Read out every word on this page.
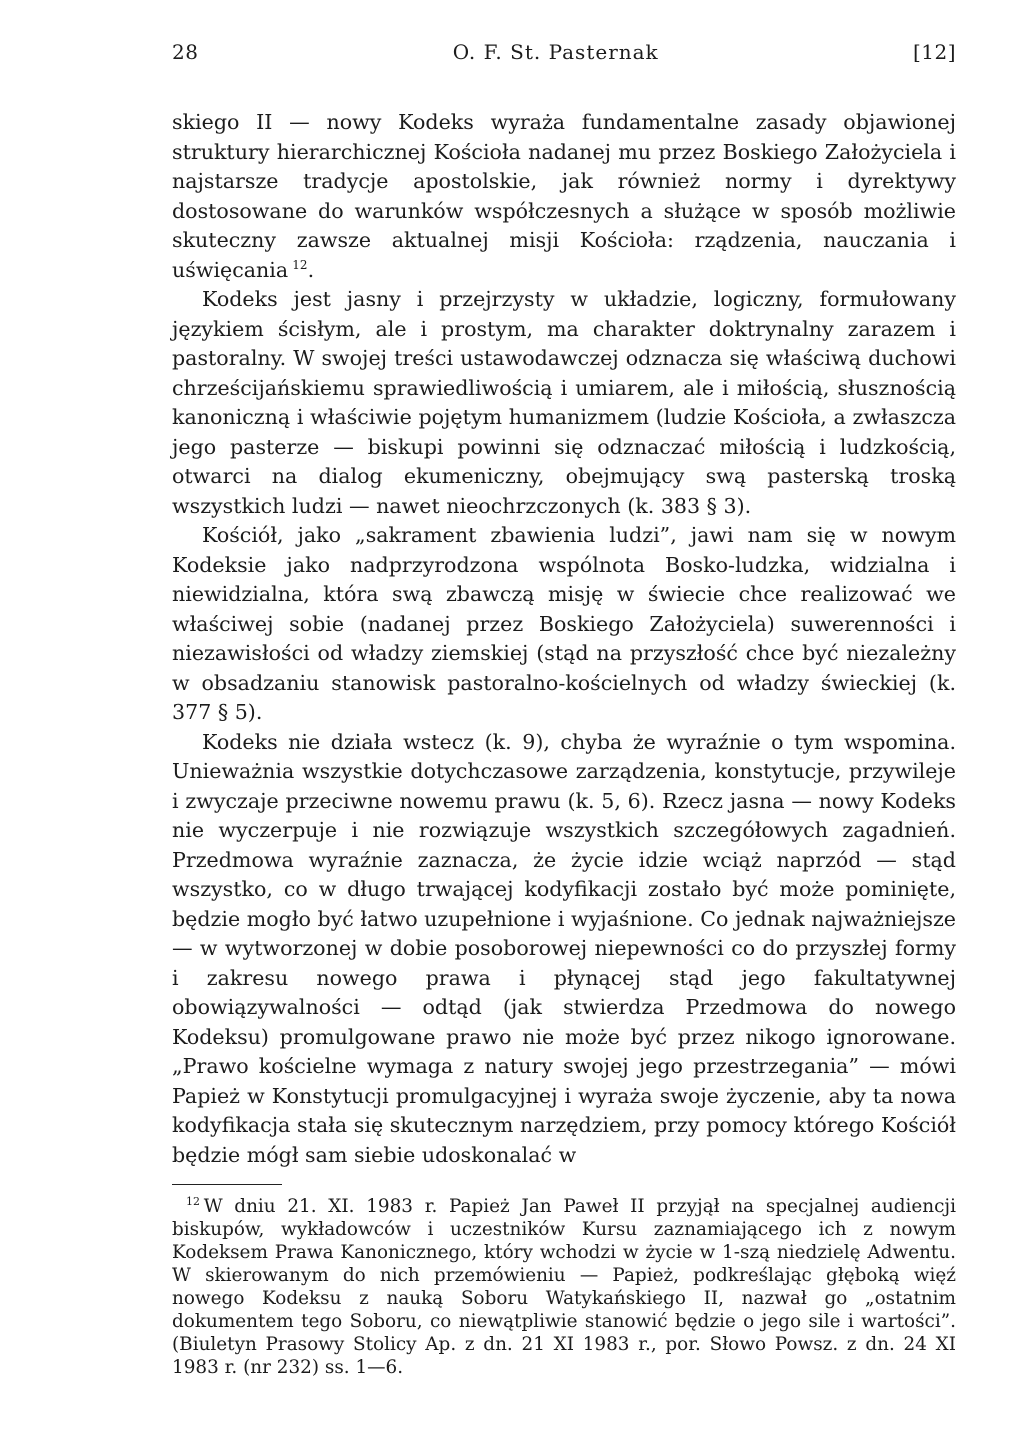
28	O. F. St. Pasternak	[12]

skiego II — nowy Kodeks wyraża fundamentalne zasady objawionej struktury hierarchicznej Kościoła nadanej mu przez Boskiego Założyciela i najstarsze tradycje apostolskie, jak również normy i dyrektywy dostosowane do warunków współczesnych a służące w sposób możliwie skuteczny zawsze aktualnej misji Kościoła: rządzenia, nauczania i uświęcania  $^{12}$.

Kodeks jest jasny i przejrzysty w układzie, logiczny, formułowany językiem ścisłym, ale i prostym, ma charakter doktrynalny zarazem i pastoralny. W swojej treści ustawodawczej odznacza się właściwą duchowi chrześcijańskiemu sprawiedliwością i umiarem, ale i miłością, słusznością kanoniczną i właściwie pojętym humanizmem (ludzie Kościoła, a zwłaszcza jego pasterze — biskupi powinni się odznaczać miłością i ludzkością, otwarci na dialog ekumeniczny, obejmujący swą pasterską troską wszystkich ludzi — nawet nieochrzczonych (k. 383 § 3).

Kościół, jako „sakrament zbawienia ludzi”, jawi nam się w nowym Kodeksie jako nadprzyrodzona wspólnota Bosko-ludzka, widzialna i niewidzialna, która swą zbawczą misję w świecie chce realizować we właściwej sobie (nadanej przez Boskiego Założyciela) suwerenności i niezawisłości od władzy ziemskiej (stąd na przyszłość chce być niezależny w obsadzaniu stanowisk pastoralno-kościelnych od władzy świeckiej (k. 377 § 5).

Kodeks nie działa wstecz (k. 9), chyba że wyraźnie o tym wspomina. Unieważnia wszystkie dotychczasowe zarządzenia, konstytucje, przywileje i zwyczaje przeciwne nowemu prawu (k. 5, 6). Rzecz jasna — nowy Kodeks nie wyczerpuje i nie rozwiązuje wszystkich szczegółowych zagadnień. Przedmowa wyraźnie zaznacza, że życie idzie wciąż naprzód — stąd wszystko, co w długo trwającej kodyfikacji zostało być może pominięte, będzie mogło być łatwo uzupełnione i wyjaśnione. Co jednak najważniejsze — w wytworzonej w dobie posoborowej niepewności co do przyszłej formy i zakresu nowego prawa i płynącej stąd jego fakultatywnej obowiązywalności — odtąd (jak stwierdza Przedmowa do nowego Kodeksu) promulgowane prawo nie może być przez nikogo ignorowane. „Prawo kościelne wymaga z natury swojej jego przestrzegania” — mówi Papież w Konstytucji promulgacyjnej i wyraża swoje życzenie, aby ta nowa kodyfikacja stała się skutecznym narzędziem, przy pomocy którego Kościół będzie mógł sam siebie udoskonalać w

$^{12}$  W dniu 21. XI. 1983 r. Papież Jan Paweł II przyjął na specjalnej audiencji biskupów, wykładowców i uczestników Kursu zaznamiającego ich z nowym Kodeksem Prawa Kanonicznego, który wchodzi w życie w 1-szą niedzielę Adwentu. W skierowanym do nich przemówieniu — Papież, podkreślając głęboką więź nowego Kodeksu z nauką Soboru Watykańskiego II, nazwał go „ostatnim dokumentem tego Soboru, co niewątpliwie stanowić będzie o jego sile i wartości”. (Biuletyn Prasowy Stolicy Ap. z dn. 21 XI 1983 r., por. Słowo Powsz. z dn. 24 XI 1983 r. (nr 232) ss. 1—6.
